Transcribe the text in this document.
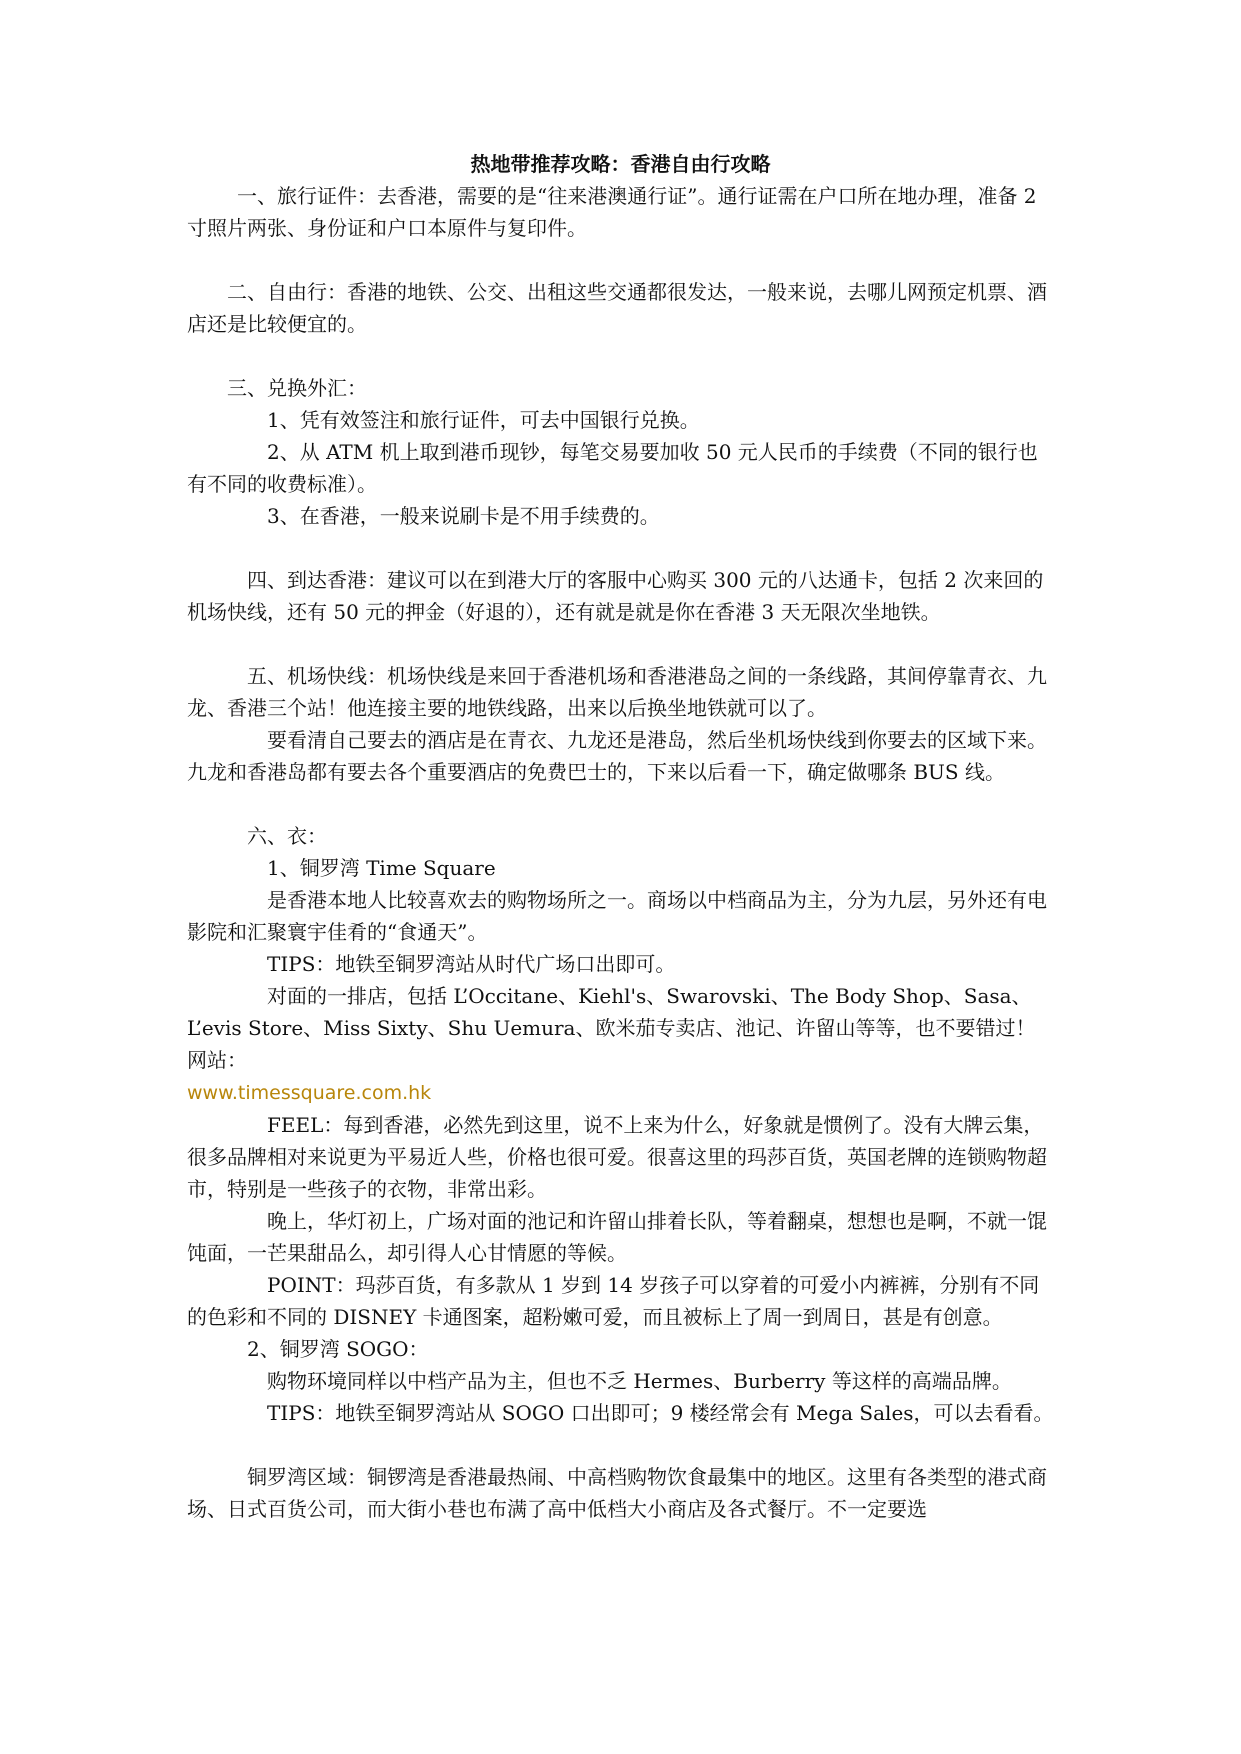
热地带推荐攻略：香港自由行攻略

一、旅行证件：去香港，需要的是“往来港澳通行证”。通行证需在户口所在地办理，准备 2 寸照片两张、身份证和户口本原件与复印件。

二、自由行：香港的地铁、公交、出租这些交通都很发达，一般来说，去哪儿网预定机票、酒店还是比较便宜的。

三、兑换外汇：

1、凭有效签注和旅行证件，可去中国银行兑换。

2、从 ATM 机上取到港币现钞，每笔交易要加收 50 元人民币的手续费（不同的银行也有不同的收费标准）。

3、在香港，一般来说刷卡是不用手续费的。

四、到达香港：建议可以在到港大厅的客服中心购买 300 元的八达通卡，包括 2 次来回的机场快线，还有 50 元的押金（好退的），还有就是就是你在香港 3 天无限次坐地铁。

五、机场快线：机场快线是来回于香港机场和香港港岛之间的一条线路，其间停靠青衣、九龙、香港三个站！他连接主要的地铁线路，出来以后换坐地铁就可以了。

要看清自己要去的酒店是在青衣、九龙还是港岛，然后坐机场快线到你要去的区域下来。九龙和香港岛都有要去各个重要酒店的免费巴士的，下来以后看一下，确定做哪条 BUS 线。

六、衣：

1、铜罗湾 Time Square

是香港本地人比较喜欢去的购物场所之一。商场以中档商品为主，分为九层，另外还有电影院和汇聚寰宇佳肴的“食通天”。

TIPS：地铁至铜罗湾站从时代广场口出即可。

对面的一排店，包括 L’Occitane、Kiehl's、Swarovski、The Body Shop、Sasa、L’evis Store、Miss Sixty、Shu Uemura、欧米茄专卖店、池记、许留山等等，也不要错过！网站：
www.timessquare.com.hk

FEEL：每到香港，必然先到这里，说不上来为什么，好象就是惯例了。没有大牌云集，很多品牌相对来说更为平易近人些，价格也很可爱。很喜这里的玛莎百货，英国老牌的连锁购物超市，特别是一些孩子的衣物，非常出彩。

晚上，华灯初上，广场对面的池记和许留山排着长队，等着翻桌，想想也是啊，不就一馄饨面，一芒果甜品么，却引得人心甘情愿的等候。

POINT：玛莎百货，有多款从 1 岁到 14 岁孩子可以穿着的可爱小内裤裤，分别有不同的色彩和不同的 DISNEY 卡通图案，超粉嫩可爱，而且被标上了周一到周日，甚是有创意。

2、铜罗湾 SOGO：

购物环境同样以中档产品为主，但也不乏 Hermes、Burberry 等这样的高端品牌。

TIPS：地铁至铜罗湾站从 SOGO 口出即可；9 楼经常会有 Mega Sales，可以去看看。

铜罗湾区域：铜锣湾是香港最热闹、中高档购物饮食最集中的地区。这里有各类型的港式商场、日式百货公司，而大街小巷也布满了高中低档大小商店及各式餐厅。不一定要选
